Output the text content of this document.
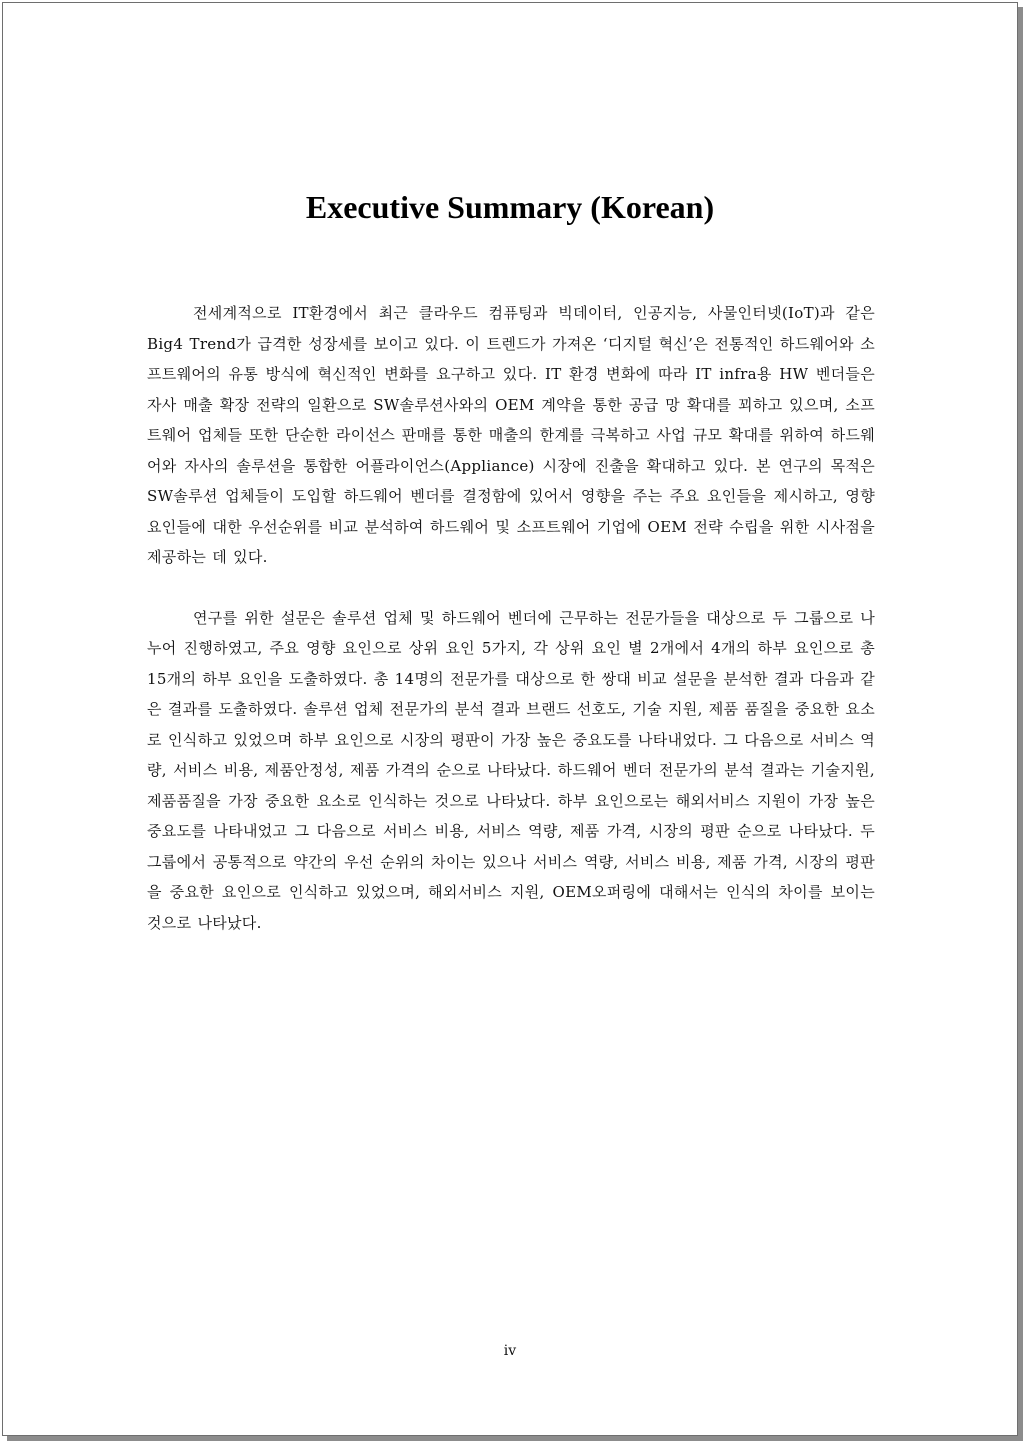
Executive Summary (Korean)

전세계적으로 IT환경에서 최근 클라우드 컴퓨팅과 빅데이터, 인공지능, 사물인터넷(IoT)과 같은 Big4 Trend가 급격한 성장세를 보이고 있다. 이 트렌드가 가져온 ‘디지털 혁신’은 전통적인 하드웨어와 소프트웨어의 유통 방식에 혁신적인 변화를 요구하고 있다. IT 환경 변화에 따라 IT infra용 HW 벤더들은 자사 매출 확장 전략의 일환으로 SW솔루션사와의 OEM 계약을 통한 공급 망 확대를 꾀하고 있으며, 소프트웨어 업체들 또한 단순한 라이선스 판매를 통한 매출의 한계를 극복하고 사업 규모 확대를 위하여 하드웨어와 자사의 솔루션을 통합한 어플라이언스(Appliance) 시장에 진출을 확대하고 있다. 본 연구의 목적은 SW솔루션 업체들이 도입할 하드웨어 벤더를 결정함에 있어서 영향을 주는 주요 요인들을 제시하고, 영향 요인들에 대한 우선순위를 비교 분석하여 하드웨어 및 소프트웨어 기업에 OEM 전략 수립을 위한 시사점을 제공하는 데 있다.

연구를 위한 설문은 솔루션 업체 및 하드웨어 벤더에 근무하는 전문가들을 대상으로 두 그룹으로 나누어 진행하였고, 주요 영향 요인으로 상위 요인 5가지, 각 상위 요인 별 2개에서 4개의 하부 요인으로 총 15개의 하부 요인을 도출하였다. 총 14명의 전문가를 대상으로 한 쌍대 비교 설문을 분석한 결과 다음과 같은 결과를 도출하였다. 솔루션 업체 전문가의 분석 결과 브랜드 선호도, 기술 지원, 제품 품질을 중요한 요소로 인식하고 있었으며 하부 요인으로 시장의 평판이 가장 높은 중요도를 나타내었다. 그 다음으로 서비스 역량, 서비스 비용, 제품안정성, 제품 가격의 순으로 나타났다. 하드웨어 벤더 전문가의 분석 결과는 기술지원, 제품품질을 가장 중요한 요소로 인식하는 것으로 나타났다. 하부 요인으로는 해외서비스 지원이 가장 높은 중요도를 나타내었고 그 다음으로 서비스 비용, 서비스 역량, 제품 가격, 시장의 평판 순으로 나타났다. 두 그룹에서 공통적으로 약간의 우선 순위의 차이는 있으나 서비스 역량, 서비스 비용, 제품 가격, 시장의 평판을 중요한 요인으로 인식하고 있었으며, 해외서비스 지원, OEM오퍼링에 대해서는 인식의 차이를 보이는 것으로 나타났다.

iv
